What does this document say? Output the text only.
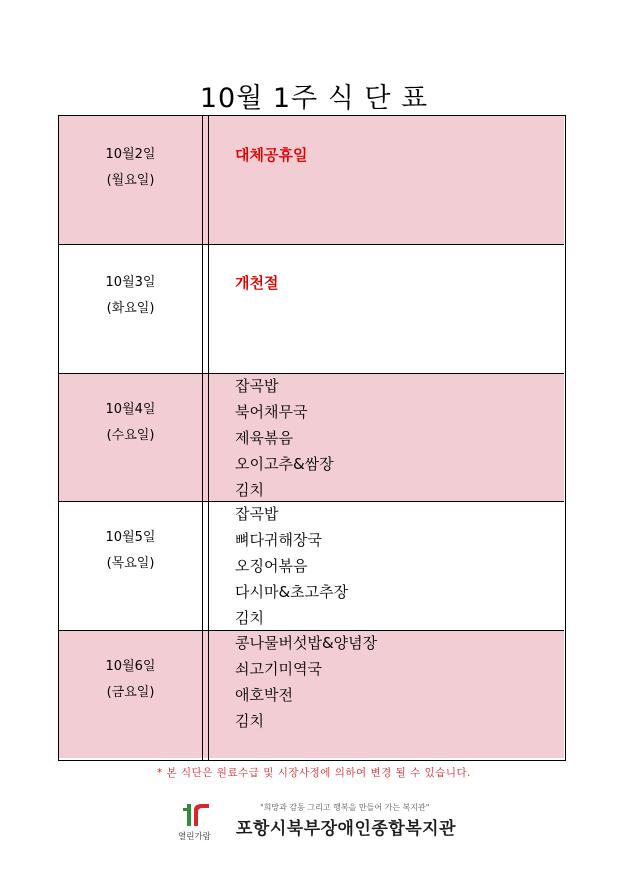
10월 1주 식 단 표
10월6일
(금요일)
콩나물버섯밥&양념장
쇠고기미역국
애호박전
김치
10월5일
(목요일)
잡곡밥
뼈다귀해장국
오징어볶음
다시마&초고추장
김치
10월4일
(수요일)
잡곡밥
북어채무국
제육볶음
오이고추&쌈장
김치
10월3일
(화요일)
개천절
10월2일
(월요일)
대체공휴일
* 본 식단은 원료수급 및 시장사정에 의하여 변경 될 수 있습니다.
열린가람
"희망과 감동 그리고 행복을 만들어 가는 복지관"
포항시북부장애인종합복지관
